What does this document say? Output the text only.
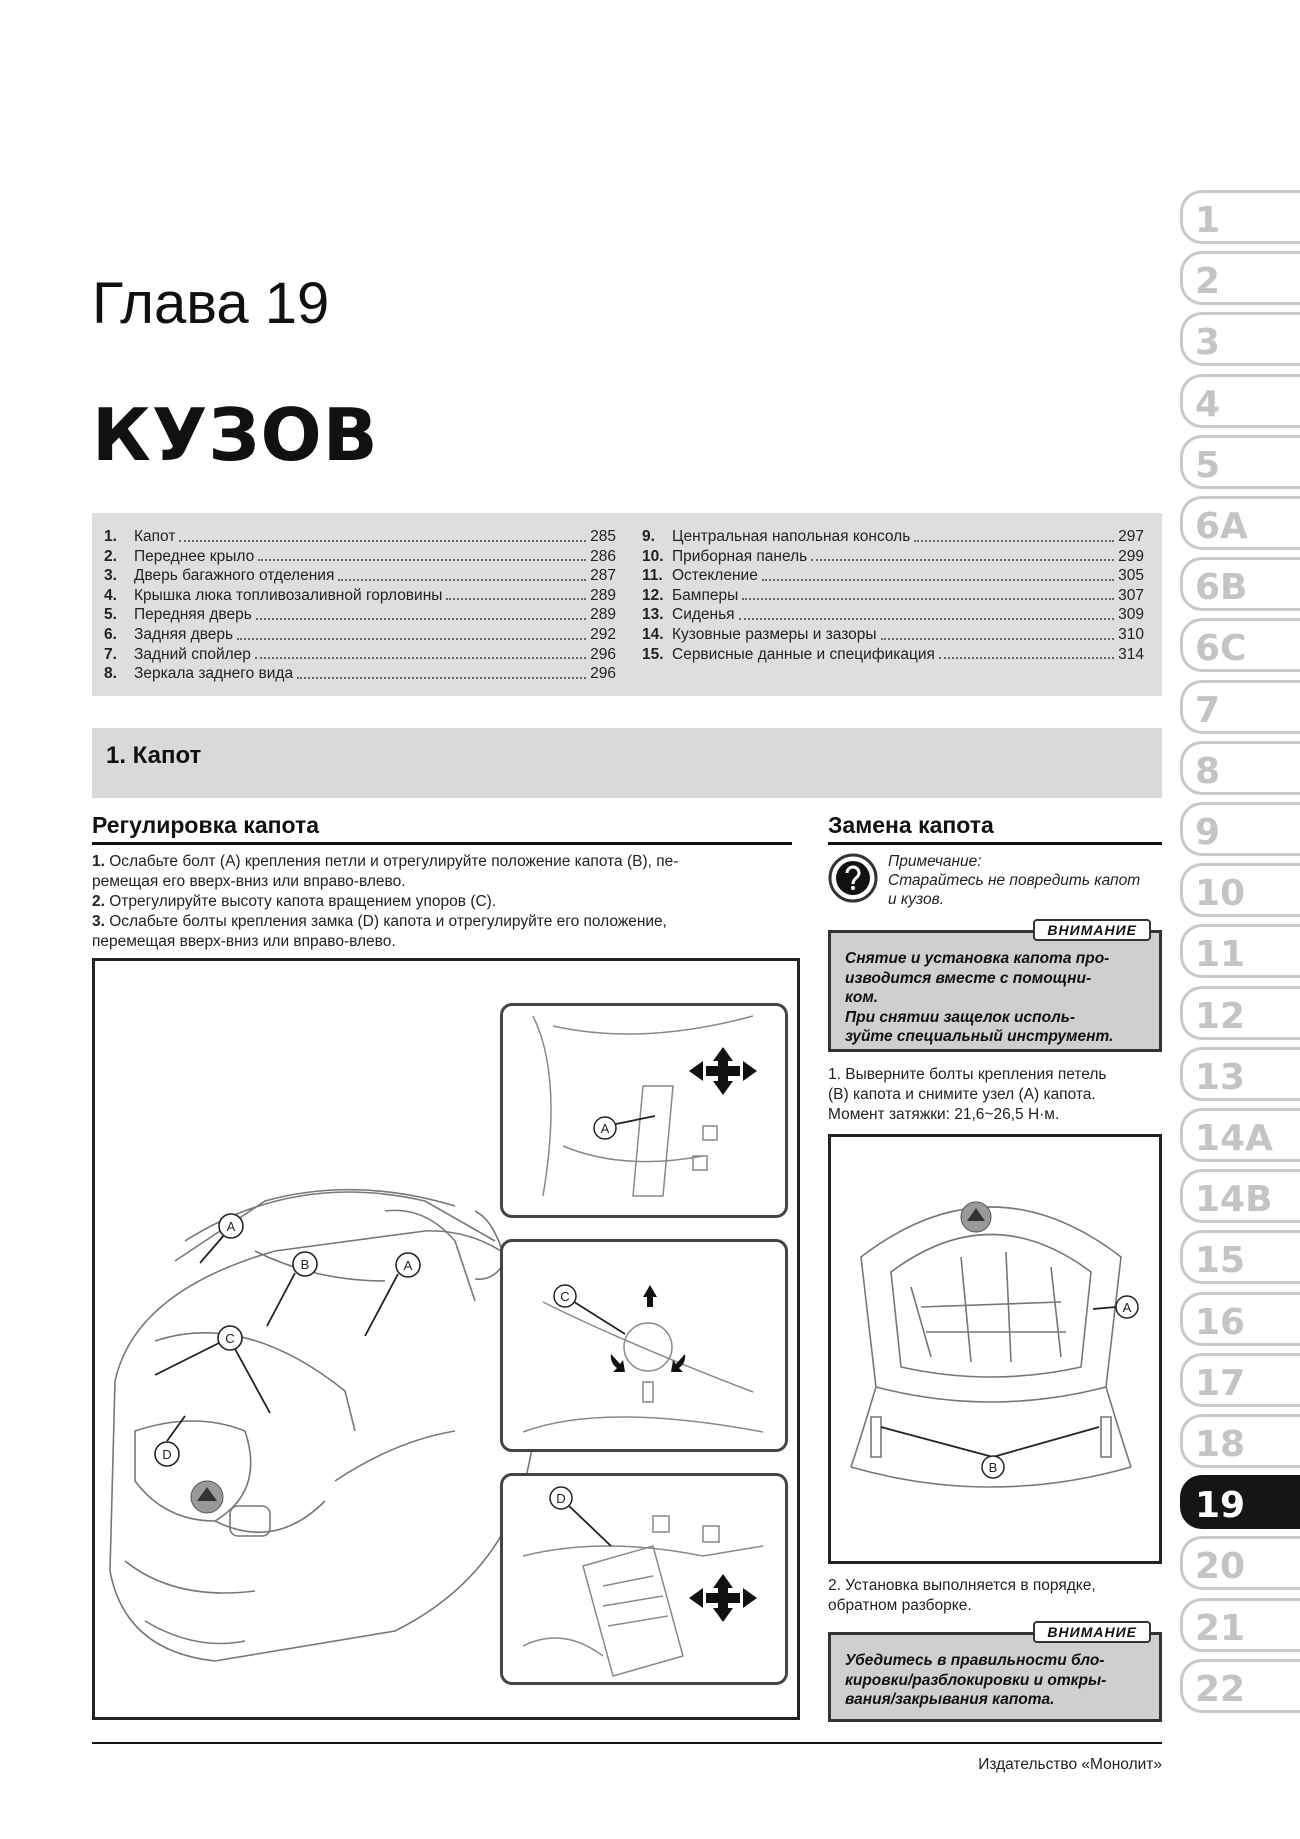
Глава 19
КУЗОВ
1.	Капот	285
2.	Переднее крыло	286
3.	Дверь багажного отделения	287
4.	Крышка люка топливозаливной горловины	289
5.	Передняя дверь	289
6.	Задняя дверь	292
7.	Задний спойлер	296
8.	Зеркала заднего вида	296
9.	Центральная напольная консоль	297
10. Приборная панель	299
11. Остекление	305
12. Бамперы	307
13. Сиденья	309
14. Кузовные размеры и зазоры	310
15. Сервисные данные и спецификация	314
1. Капот
Регулировка капота

1. Ослабьте болт (А) крепления петли и отрегулируйте положение капота (В), пе-

ремещая его вверх-вниз или вправо-влево.

2. Отрегулируйте высоту капота вращением упоров (С).

3. Ослабьте болты крепления замка (D) капота и отрегулируйте его положение,

перемещая вверх-вниз или вправо-влево.

A
B
C
D
A
A
C
D
Замена капота
Примечание:
Старайтесь не повредить капот
и кузов.
ВНИМАНИЕ
Снятие и установка капота про-
изводится вместе с помощни-
ком.
При снятии защелок исполь-
зуйте специальный инструмент.
1. Выверните болты крепления петель
(B) капота и снимите узел (А) капота.
Момент затяжки: 21,6~26,5 Н·м.
A
B
2. Установка выполняется в порядке,
обратном разборке.
ВНИМАНИЕ
Убедитесь в правильности бло-
кировки/разблокировки и откры-
вания/закрывания капота.
1
2
3
4
5
6A
6B
6C
7
8
9
10
11
12
13
14A
14B
15
16
17
18
19
20
21
22
Издательство «Монолит»
